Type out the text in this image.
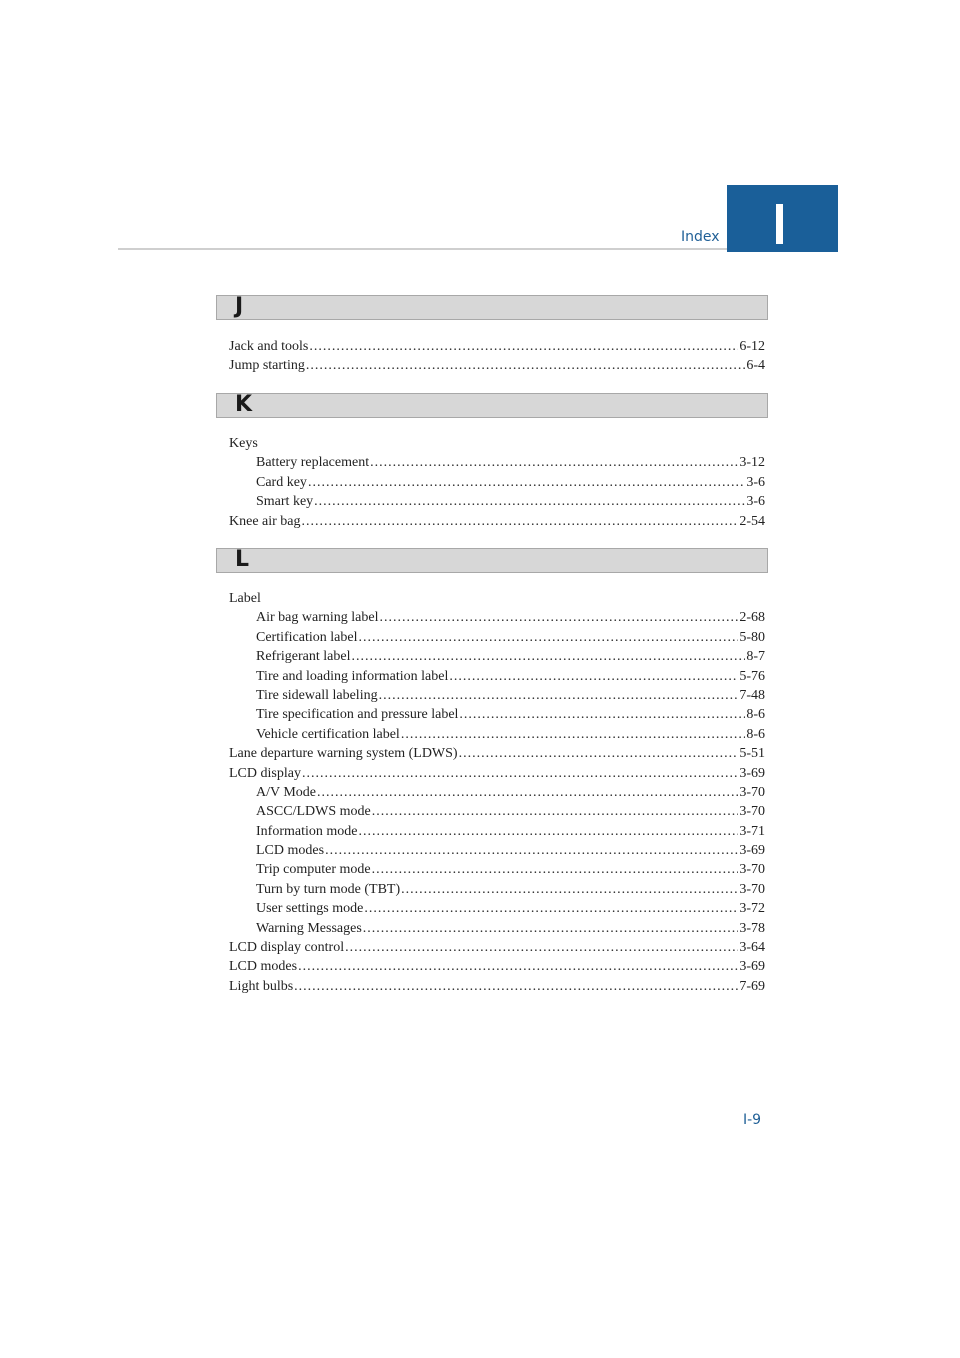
Index
J
Jack and tools .....	6-12
Jump starting .....	6-4
K
Keys
Battery replacement .....	3-12
Card key .....	3-6
Smart key .....	3-6
Knee air bag .....	2-54
L
Label
Air bag warning label .....	2-68
Certification label .....	5-80
Refrigerant label .....	8-7
Tire and loading information label .....	5-76
Tire sidewall labeling .....	7-48
Tire specification and pressure label .....	8-6
Vehicle certification label .....	8-6
Lane departure warning system (LDWS) .....	5-51
LCD display .....	3-69
A/V Mode .....	3-70
ASCC/LDWS mode .....	3-70
Information mode .....	3-71
LCD modes .....	3-69
Trip computer mode .....	3-70
Turn by turn mode (TBT) .....	3-70
User settings mode .....	3-72
Warning Messages .....	3-78
LCD display control .....	3-64
LCD modes .....	3-69
Light bulbs .....	7-69
I-9
